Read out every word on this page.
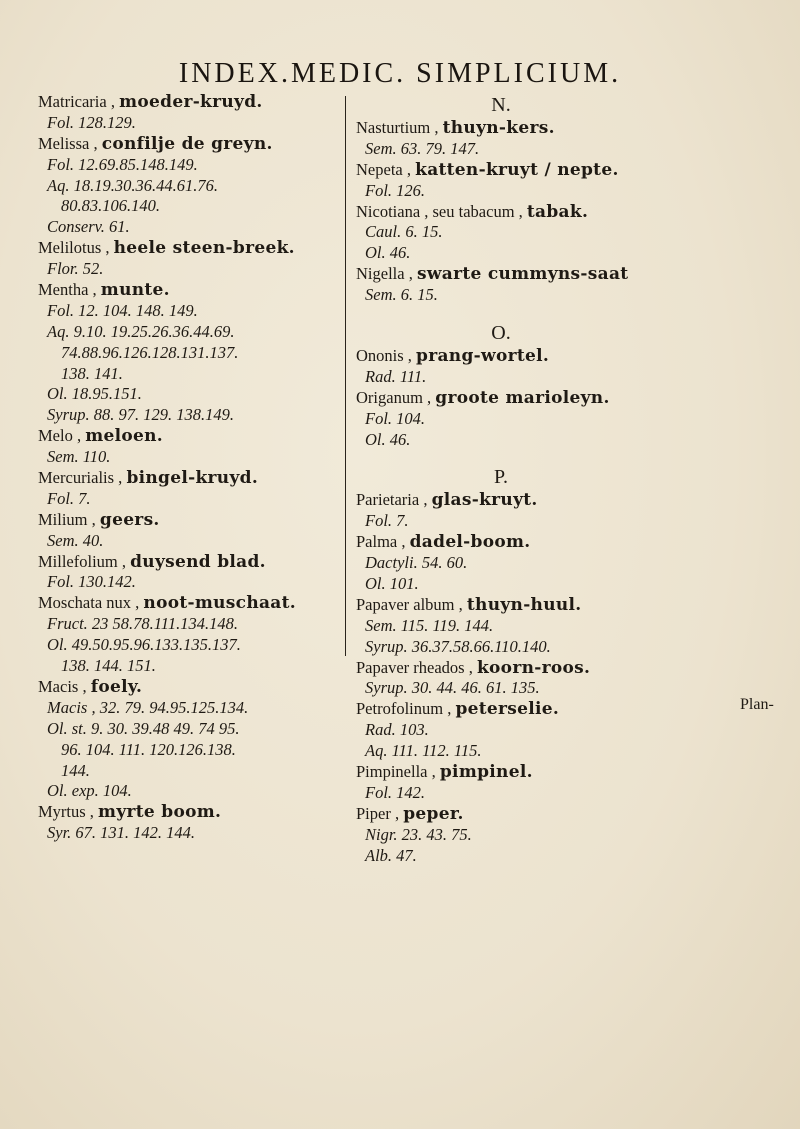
INDEX.MEDIC. SIMPLICIUM.
Matricaria , moeder-kruyd.
Fol. 128.129.
Melissa , confilje de greyn.
Fol. 12.69.85.148.149.
Aq. 18.19.30.36.44.61.76.
80.83.106.140.
Conserv. 61.
Melilotus , heele steen-breek.
Flor. 52.
Mentha , munte.
Fol. 12. 104. 148. 149.
Aq. 9.10. 19.25.26.36.44.69.
74.88.96.126.128.131.137.
138. 141.
Ol. 18.95.151.
Syrup. 88. 97. 129. 138.149.
Melo , meloen.
Sem. 110.
Mercurialis , bingel-kruyd.
Fol. 7.
Milium , geers.
Sem. 40.
Millefolium , duysend blad.
Fol. 130.142.
Moschata nux , noot-muschaat.
Fruct. 23 58.78.111.134.148.
Ol. 49.50.95.96.133.135.137.
138. 144. 151.
Macis , foely.
Macis , 32. 79. 94.95.125.134.
Ol. st. 9. 30. 39.48 49. 74 95.
96. 104. 111. 120.126.138.
144.
Ol. exp. 104.
Myrtus , myrte boom.
Syr. 67. 131. 142. 144.
N.
Nasturtium , thuyn-kers.
Sem. 63. 79. 147.
Nepeta , katten-kruyt / nepte.
Fol. 126.
Nicotiana , seu tabacum , tabak.
Caul. 6. 15.
Ol. 46.
Nigella , swarte cummyns-saat
Sem. 6. 15.
O.
Ononis , prang-wortel.
Rad. 111.
Origanum , groote marioleyn.
Fol. 104.
Ol. 46.
P.
Parietaria , glas-kruyt.
Fol. 7.
Palma , dadel-boom.
Dactyli. 54. 60.
Ol. 101.
Papaver album , thuyn-huul.
Sem. 115. 119. 144.
Syrup. 36.37.58.66.110.140.
Papaver rheados , koorn-roos.
Syrup. 30. 44. 46. 61. 135.
Petrofolinum , peterselie.
Rad. 103.
Aq. 111. 112. 115.
Pimpinella , pimpinel.
Fol. 142.
Piper , peper.
Nigr. 23. 43. 75.
Alb. 47.
Plan-
